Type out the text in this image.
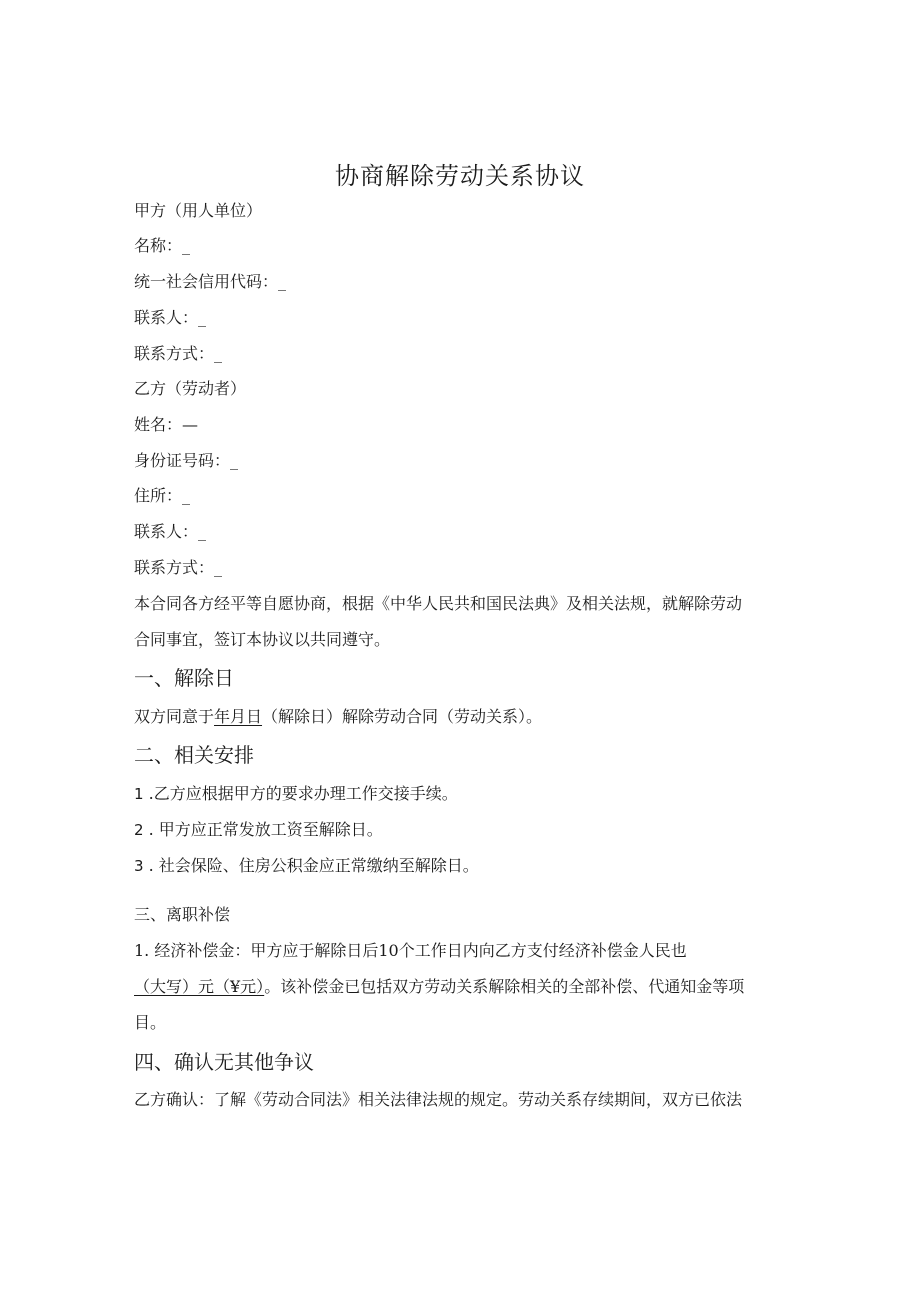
协商解除劳动关系协议
甲方（用人单位）
名称：_
统一社会信用代码：_
联系人：_
联系方式：_
乙方（劳动者）
姓名：—
身份证号码：_
住所：_
联系人：_
联系方式：_
本合同各方经平等自愿协商，根据《中华人民共和国民法典》及相关法规，就解除劳动
合同事宜，签订本协议以共同遵守。
一、解除日
双方同意于年月日（解除日）解除劳动合同（劳动关系）。
二、相关安排
1 .乙方应根据甲方的要求办理工作交接手续。
2 . 甲方应正常发放工资至解除日。
3 . 社会保险、住房公积金应正常缴纳至解除日。
三、离职补偿
1. 经济补偿金：甲方应于解除日后10个工作日内向乙方支付经济补偿金人民也
（大写）元（¥元）。该补偿金已包括双方劳动关系解除相关的全部补偿、代通知金等项
目。
四、确认无其他争议
乙方确认：了解《劳动合同法》相关法律法规的规定。劳动关系存续期间，双方已依法
